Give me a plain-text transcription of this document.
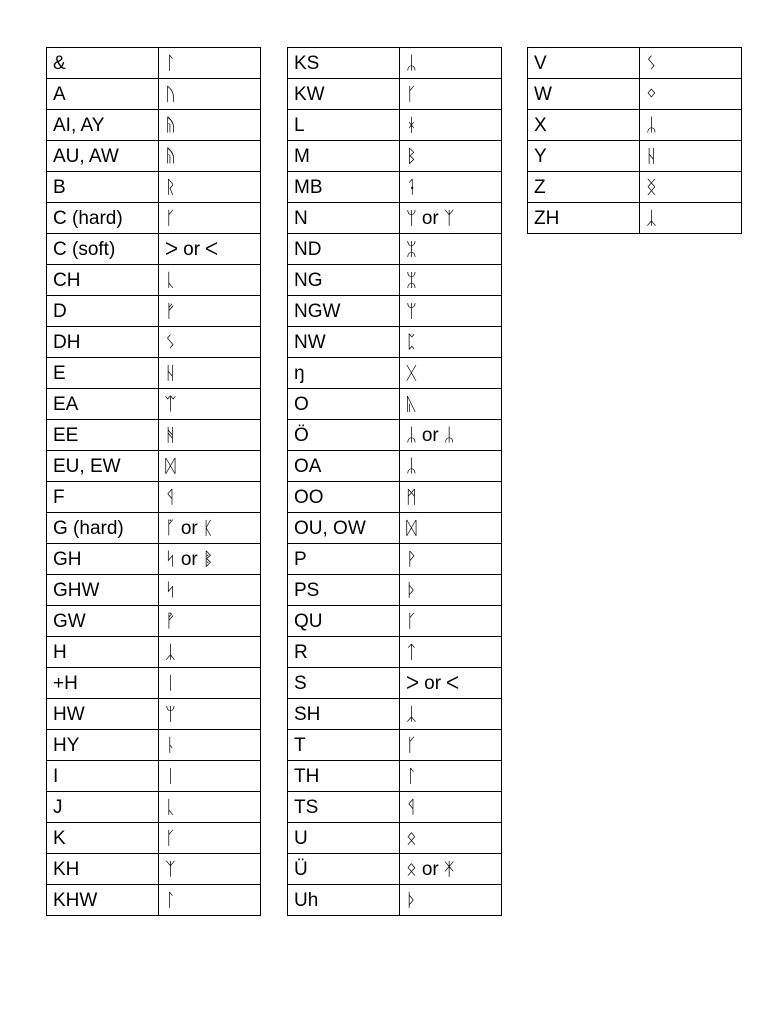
&	ᛚ
A	ᚢ
AI, AY	ᚥ
AU, AW	ᚥ
B	ᚱ
C (hard)	ᚴ
C (soft)	ᐳ or ᐸ
CH	ᚳ
D	ᚠ
DH	ᛊ
E	ᚺ
EA	ᛠ
EE	ᚻ
EU, EW	ᛞ
F	ᛩ
G (hard)	ᚵ or ᛕ
GH	ᛋ or ᛔ
GHW	ᛋ
GW	ᚡ
H	ᛣ
+H	ᛁ
HW	ᛘ
HY	ᚿ
I	ᛁ
J	ᚳ
K	ᚴ
KH	ᛉ
KHW	ᛚ
KS	ᛦ
KW	ᚴ
L	ᚼ
M	ᛒ
MB	ᛑ
N	ᛘ or ᛉ
ND	ᛯ
NG	ᛯ
NGW	ᛘ
NW	ᛈ
ŋ	ᚷ
O	ᚣ
Ö	ᛦ or ᛦ
OA	ᛦ
OO	ᛗ
OU, OW	ᛞ
P	ᚹ
PS	ᚦ
QU	ᚴ
R	ᛏ
S	ᐳ or ᐸ
SH	ᛣ
T	ᚴ
TH	ᛚ
TS	ᛩ
U	ᛟ
Ü	ᛟ or ᛡ
Uh	ᚦ
V	ᛊ
W	ᛜ
X	ᛦ
Y	ᚺ
Z	ᛝ
ZH	ᛣ
